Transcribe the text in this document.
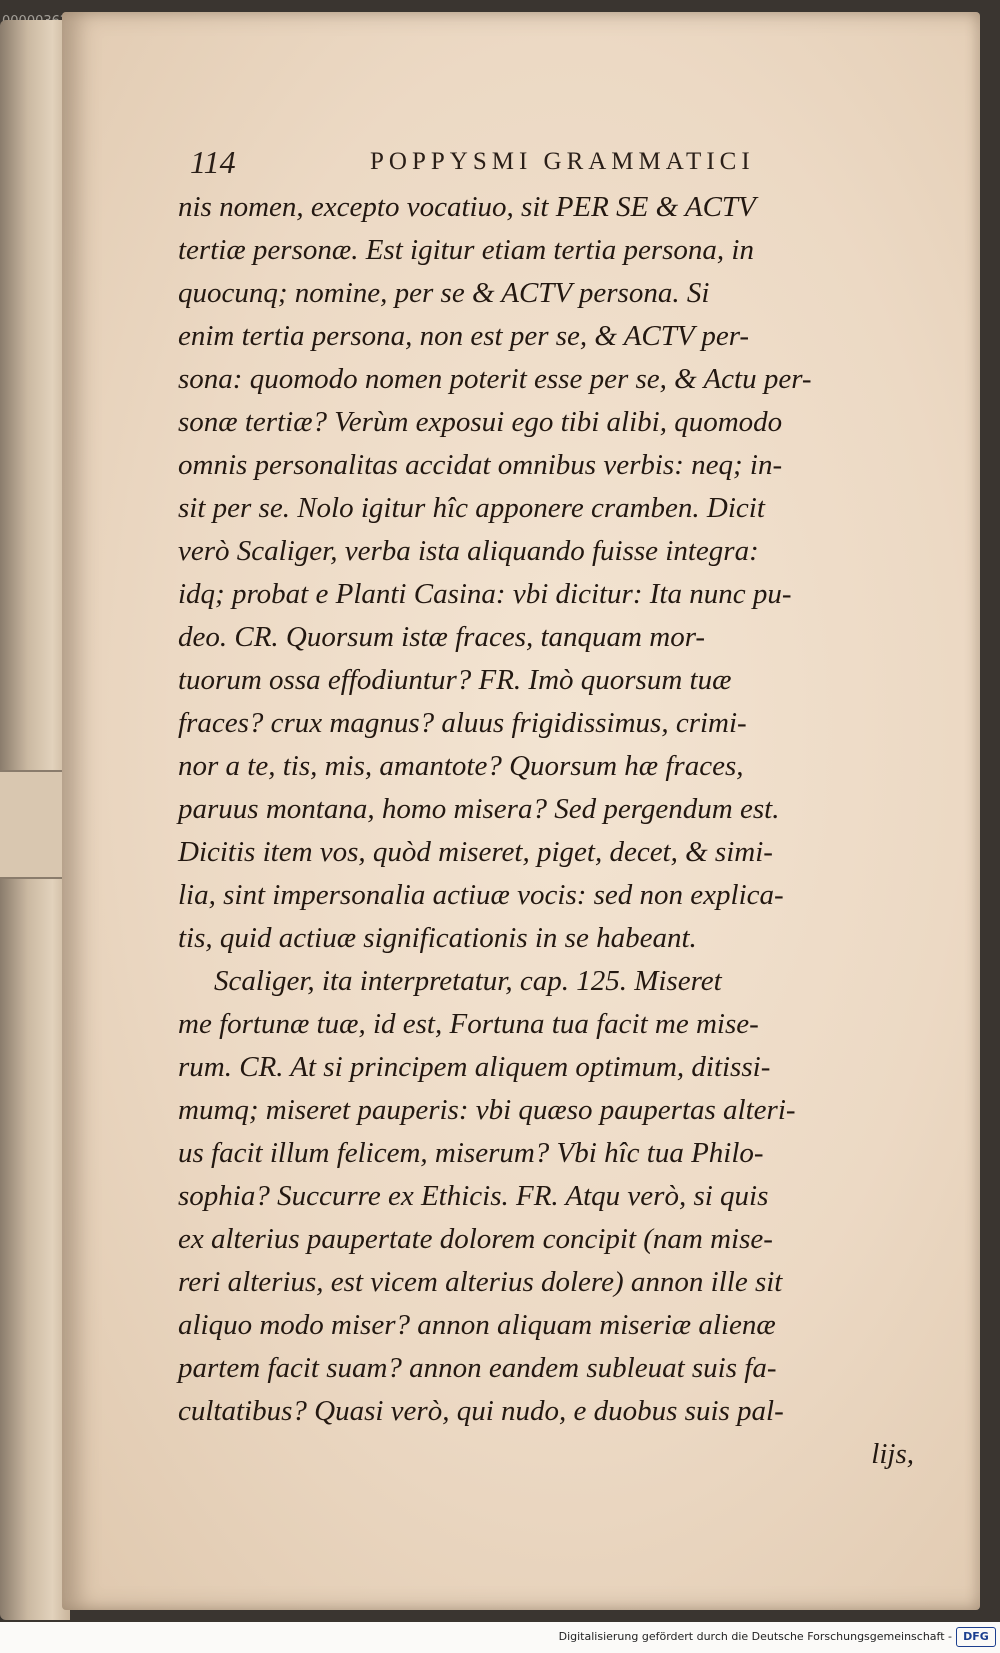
114	POPPYSMI GRAMMATICI

nis nomen, excepto vocatiuo, sit PER SE & ACTV
tertiæ personæ. Est igitur etiam tertia persona, in
quocunq; nomine, per se & ACTV persona. Si
enim tertia persona, non est per se, & ACTV per-
sona: quomodo nomen poterit esse per se, & Actu per-
sonæ tertiæ? Verùm exposui ego tibi alibi, quomodo
omnis personalitas accidat omnibus verbis: neq; in-
sit per se. Nolo igitur hîc apponere cramben. Dicit
verò Scaliger, verba ista aliquando fuisse integra:
idq; probat e Planti Casina: vbi dicitur: Ita nunc pu-
deo. CR. Quorsum istæ fraces, tanquam mor-
tuorum ossa effodiuntur? FR. Imò quorsum tuæ
fraces? crux magnus? aluus frigidissimus, crimi-
nor a te, tis, mis, amantote? Quorsum hæ fraces,
paruus montana, homo misera? Sed pergendum est.
Dicitis item vos, quòd miseret, piget, decet, & simi-
lia, sint impersonalia actiuæ vocis: sed non explica-
tis, quid actiuæ significationis in se habeant.

Scaliger, ita interpretatur, cap. 125. Miseret
me fortunæ tuæ, id est, Fortuna tua facit me mise-
rum. CR. At si principem aliquem optimum, ditissi-
mumq; miseret pauperis: vbi quæso paupertas alteri-
us facit illum felicem, miserum? Vbi hîc tua Philo-
sophia? Succurre ex Ethicis. FR. Atqu verò, si quis
ex alterius paupertate dolorem concipit (nam mise-
reri alterius, est vicem alterius dolere) annon ille sit
aliquo modo miser? annon aliquam miseriæ alienæ
partem facit suam? annon eandem subleuat suis fa-
cultatibus? Quasi verò, qui nudo, e duobus suis pal-

lijs,
Digitalisierung gefördert durch die Deutsche Forschungsgemeinschaft -	DFG
